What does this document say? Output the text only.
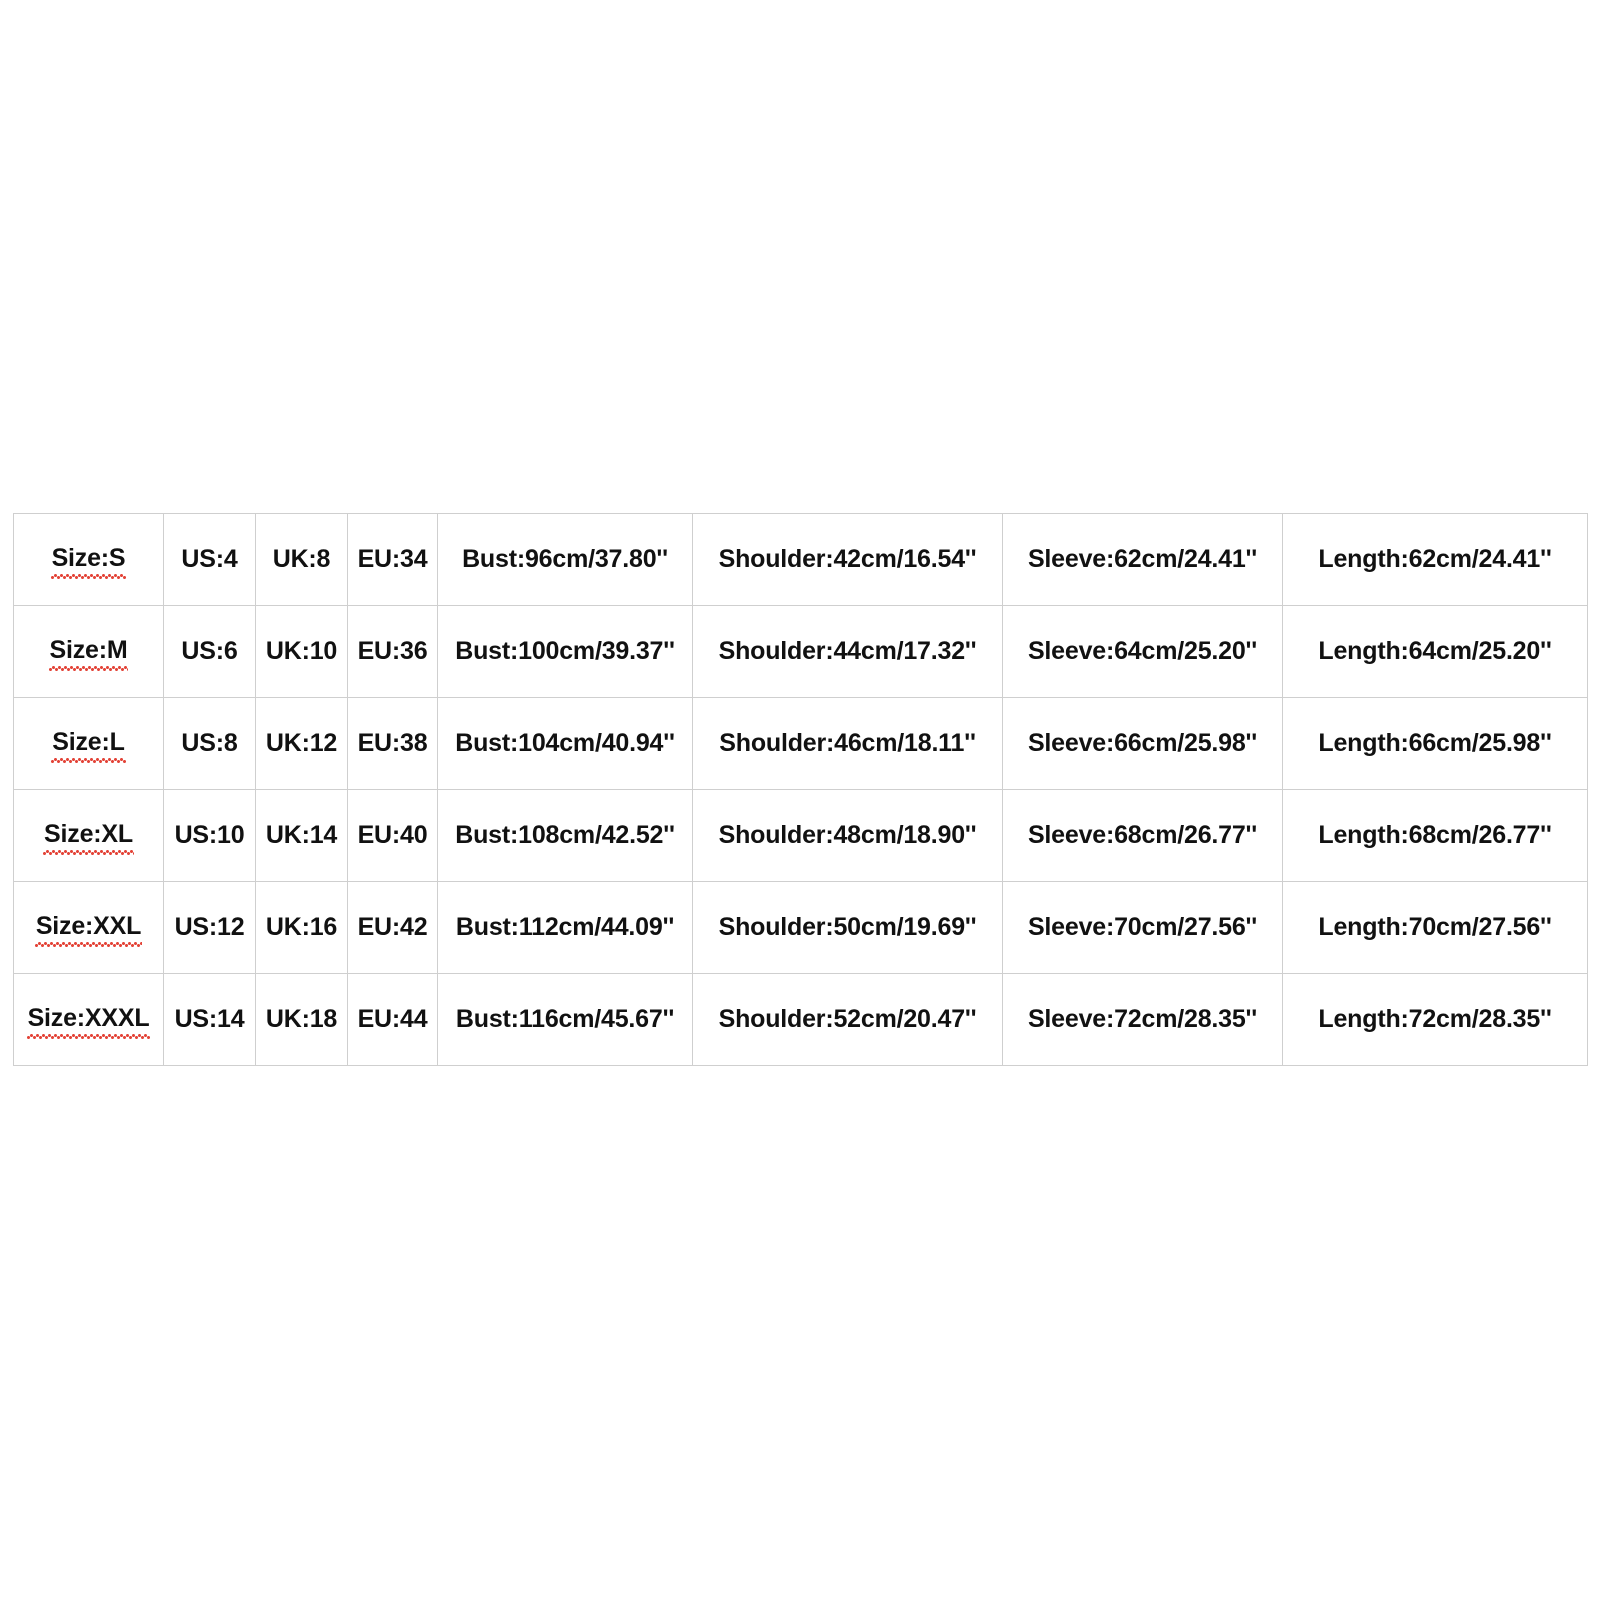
Size:S	US:4	UK:8	EU:34	Bust:96cm/37.80''	Shoulder:42cm/16.54''	Sleeve:62cm/24.41''	Length:62cm/24.41''
Size:M	US:6	UK:10	EU:36	Bust:100cm/39.37''	Shoulder:44cm/17.32''	Sleeve:64cm/25.20''	Length:64cm/25.20''
Size:L	US:8	UK:12	EU:38	Bust:104cm/40.94''	Shoulder:46cm/18.11''	Sleeve:66cm/25.98''	Length:66cm/25.98''
Size:XL	US:10	UK:14	EU:40	Bust:108cm/42.52''	Shoulder:48cm/18.90''	Sleeve:68cm/26.77''	Length:68cm/26.77''
Size:XXL	US:12	UK:16	EU:42	Bust:112cm/44.09''	Shoulder:50cm/19.69''	Sleeve:70cm/27.56''	Length:70cm/27.56''
Size:XXXL	US:14	UK:18	EU:44	Bust:116cm/45.67''	Shoulder:52cm/20.47''	Sleeve:72cm/28.35''	Length:72cm/28.35''
